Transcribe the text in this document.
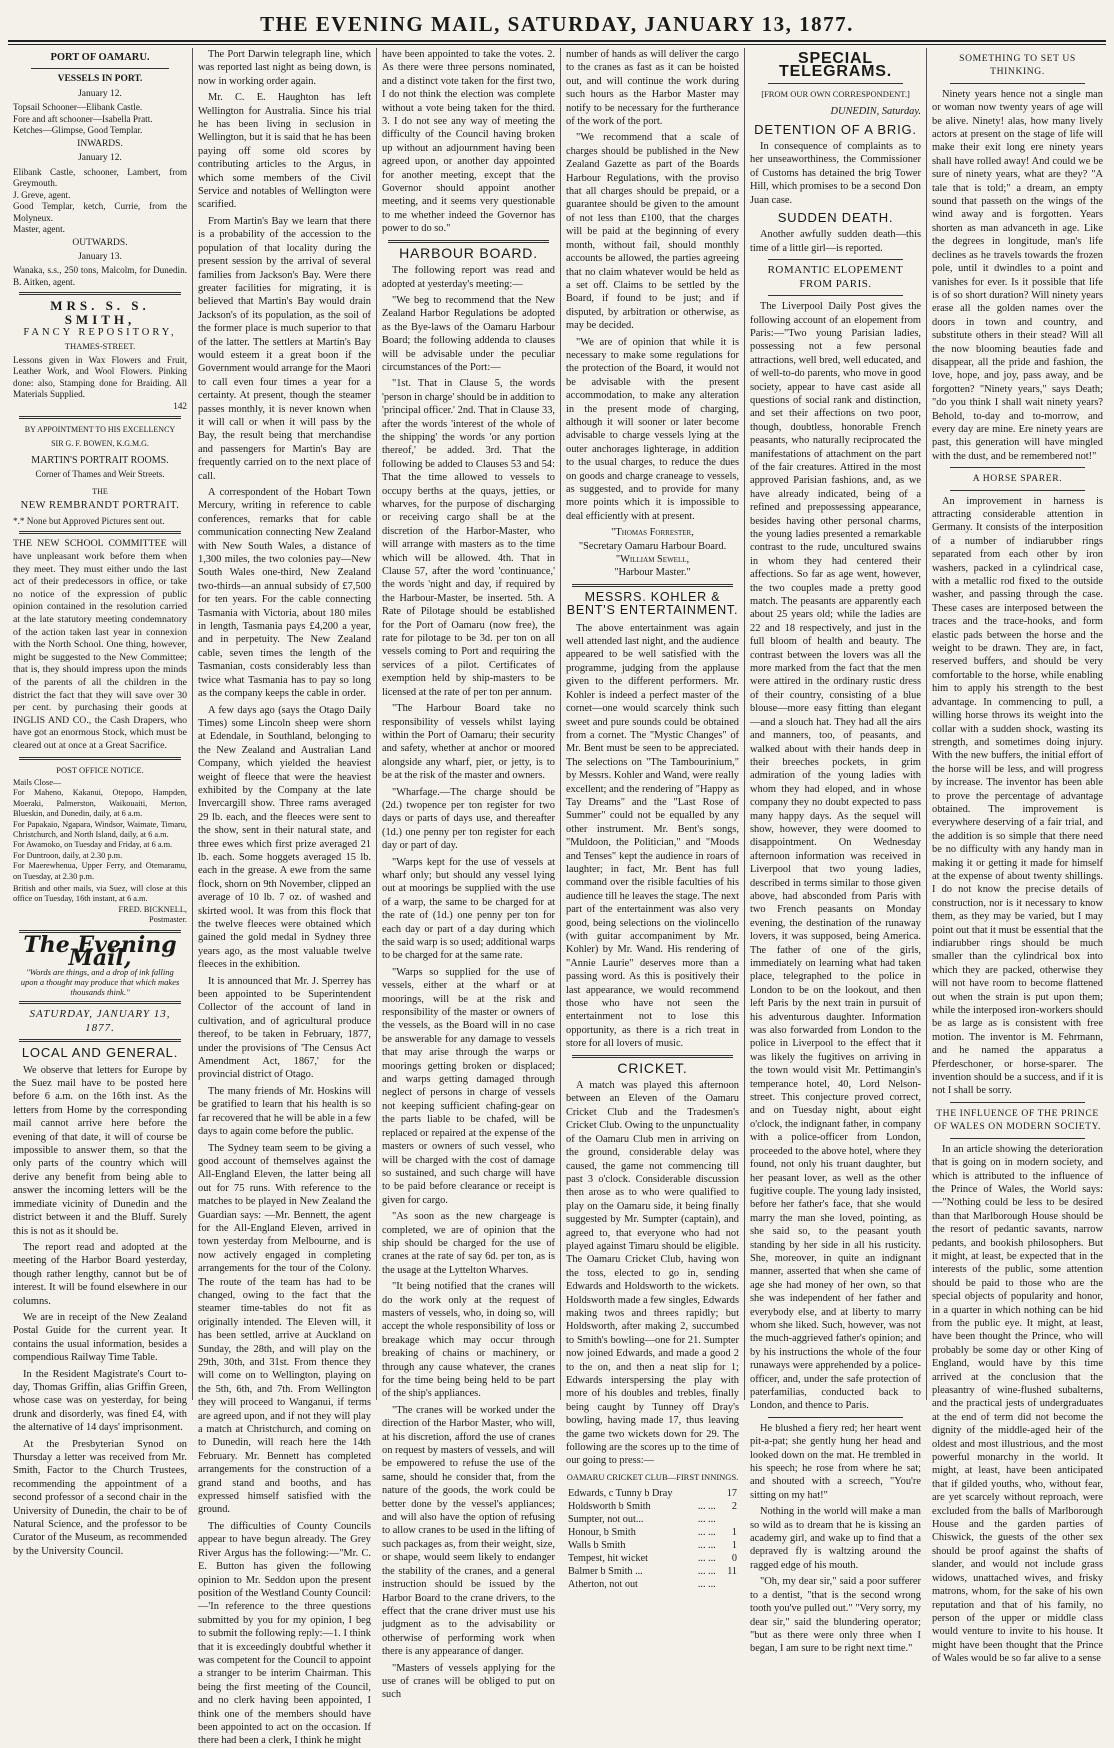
THE EVENING MAIL, SATURDAY, JANUARY 13, 1877.
PORT OF OAMARU.
VESSELS IN PORT.
January 12.
Topsail Schooner—Elibank Castle.
Fore and aft schooner—Isabella Pratt.
Ketches—Glimpse, Good Templar.
INWARDS.
January 12.
Elibank Castle, schooner, Lambert, from Greymouth.
J. Greve, agent.
Good Templar, ketch, Currie, from the Molyneux.
Master, agent.
OUTWARDS.
January 13.
Wanaka, s.s., 250 tons, Malcolm, for Dunedin. B. Aitken, agent.
MRS. S. S. SMITH,
FANCY REPOSITORY,
THAMES-STREET.
Lessons given in Wax Flowers and Fruit, Leather Work, and Wool Flowers. Pinking done: also, Stamping done for Braiding. All Materials Supplied.
142
BY APPOINTMENT TO HIS EXCELLENCY
SIR G. F. BOWEN, K.G.M.G.
MARTIN'S PORTRAIT ROOMS.
Corner of Thames and Weir Streets.
THE
NEW REMBRANDT PORTRAIT.
*.* None but Approved Pictures sent out.
THE NEW SCHOOL COMMITTEE will have unpleasant work before them when they meet. They must either undo the last act of their predecessors in office, or take no notice of the expression of public opinion contained in the resolution carried at the late statutory meeting condemnatory of the action taken last year in connexion with the North School. One thing, however, might be suggested to the New Committee; that is, they should impress upon the minds of the parents of all the children in the district the fact that they will save over 30 per cent. by purchasing their goods at INGLIS AND CO., the Cash Drapers, who have got an enormous Stock, which must be cleared out at once at a Great Sacrifice.
POST OFFICE NOTICE.
Mails Close—
For Maheno, Kakanui, Otepopo, Hampden, Moeraki, Palmerston, Waikouaiti, Merton, Blueskin, and Dunedin, daily, at 6 a.m.
For Papakaio, Ngapara, Windsor, Waimate, Timaru, Christchurch, and North Island, daily, at 6 a.m.
For Awamoko, on Tuesday and Friday, at 6 a.m.
For Duntroon, daily, at 2.30 p.m.
For Maerewhenua, Upper Ferry, and Otemaramu, on Tuesday, at 2.30 p.m.
British and other mails, via Suez, will close at this office on Tuesday, 16th instant, at 6 a.m.
FRED. BICKNELL,
Postmaster.
The Evening Mail,
"Words are things, and a drop of ink falling upon a thought may produce that which makes thousands think."
SATURDAY, JANUARY 13, 1877.
LOCAL AND GENERAL.

We observe that letters for Europe by the Suez mail have to be posted here before 6 a.m. on the 16th inst. As the letters from Home by the corresponding mail cannot arrive here before the evening of that date, it will of course be impossible to answer them, so that the only parts of the country which will derive any benefit from being able to answer the incoming letters will be the immediate vicinity of Dunedin and the district between it and the Bluff. Surely this is not as it should be.

The report read and adopted at the meeting of the Harbor Board yesterday, though rather lengthy, cannot but be of interest. It will be found elsewhere in our columns.

We are in receipt of the New Zealand Postal Guide for the current year. It contains the usual information, besides a compendious Railway Time Table.

In the Resident Magistrate's Court to-day, Thomas Griffin, alias Griffin Green, whose case was on yesterday, for being drunk and disorderly, was fined £4, with the alternative of 14 days' imprisonment.

At the Presbyterian Synod on Thursday a letter was received from Mr. Smith, Factor to the Church Trustees, recommending the appointment of a second professor of a second chair in the University of Dunedin, the chair to be of Natural Science, and the professor to be Curator of the Museum, as recommended by the University Council.

The Port Darwin telegraph line, which was reported last night as being down, is now in working order again.

Mr. C. E. Haughton has left Wellington for Australia. Since his trial he has been living in seclusion in Wellington, but it is said that he has been paying off some old scores by contributing articles to the Argus, in which some members of the Civil Service and notables of Wellington were scarified.

From Martin's Bay we learn that there is a probability of the accession to the population of that locality during the present session by the arrival of several families from Jackson's Bay. Were there greater facilities for migrating, it is believed that Martin's Bay would drain Jackson's of its population, as the soil of the former place is much superior to that of the latter. The settlers at Martin's Bay would esteem it a great boon if the Government would arrange for the Maori to call even four times a year for a certainty. At present, though the steamer passes monthly, it is never known when it will call or when it will pass by the Bay, the result being that merchandise and passengers for Martin's Bay are frequently carried on to the next place of call.

A correspondent of the Hobart Town Mercury, writing in reference to cable conferences, remarks that for cable communication connecting New Zealand with New South Wales, a distance of 1,300 miles, the two colonies pay—New South Wales one-third, New Zealand two-thirds—an annual subsidy of £7,500 for ten years. For the cable connecting Tasmania with Victoria, about 180 miles in length, Tasmania pays £4,200 a year, and in perpetuity. The New Zealand cable, seven times the length of the Tasmanian, costs considerably less than twice what Tasmania has to pay so long as the company keeps the cable in order.

A few days ago (says the Otago Daily Times) some Lincoln sheep were shorn at Edendale, in Southland, belonging to the New Zealand and Australian Land Company, which yielded the heaviest weight of fleece that were the heaviest exhibited by the Company at the late Invercargill show. Three rams averaged 29 lb. each, and the fleeces were sent to the show, sent in their natural state, and three ewes which first prize averaged 21 lb. each. Some hoggets averaged 15 lb. each in the grease. A ewe from the same flock, shorn on 9th November, clipped an average of 10 lb. 7 oz. of washed and skirted wool. It was from this flock that the twelve fleeces were obtained which gained the gold medal in Sydney three years ago, as the most valuable twelve fleeces in the exhibition.

It is announced that Mr. J. Sperrey has been appointed to be Superintendent Collector of the account of land in cultivation, and of agricultural produce thereof, to be taken in February, 1877, under the provisions of 'The Census Act Amendment Act, 1867,' for the provincial district of Otago.

The many friends of Mr. Hoskins will be gratified to learn that his health is so far recovered that he will be able in a few days to again come before the public.

The Sydney team seem to be giving a good account of themselves against the All-England Eleven, the latter being all out for 75 runs. With reference to the matches to be played in New Zealand the Guardian says: —Mr. Bennett, the agent for the All-England Eleven, arrived in town yesterday from Melbourne, and is now actively engaged in completing arrangements for the tour of the Colony. The route of the team has had to be changed, owing to the fact that the steamer time-tables do not fit as originally intended. The Eleven will, it has been settled, arrive at Auckland on Sunday, the 28th, and will play on the 29th, 30th, and 31st. From thence they will come on to Wellington, playing on the 5th, 6th, and 7th. From Wellington they will proceed to Wanganui, if terms are agreed upon, and if not they will play a match at Christchurch, and coming on to Dunedin, will reach here the 14th February. Mr. Bennett has completed arrangements for the construction of a grand stand and booths, and has expressed himself satisfied with the ground.

The difficulties of County Councils appear to have begun already. The Grey River Argus has the following:—"Mr. C. E. Button has given the following opinion to Mr. Seddon upon the present position of the Westland County Council:—'In reference to the three questions submitted by you for my opinion, I beg to submit the following reply:—1. I think that it is exceedingly doubtful whether it was competent for the Council to appoint a stranger to be interim Chairman. This being the first meeting of the Council, and no clerk having been appointed, I think one of the members should have been appointed to act on the occasion. If there had been a clerk, I think he might

have been appointed to take the votes. 2. As there were three persons nominated, and a distinct vote taken for the first two, I do not think the election was complete without a vote being taken for the third. 3. I do not see any way of meeting the difficulty of the Council having broken up without an adjournment having been agreed upon, or another day appointed for another meeting, except that the Governor should appoint another meeting, and it seems very questionable to me whether indeed the Governor has power to do so."

HARBOUR BOARD.

The following report was read and adopted at yesterday's meeting:—

"We beg to recommend that the New Zealand Harbor Regulations be adopted as the Bye-laws of the Oamaru Harbour Board; the following addenda to clauses will be advisable under the peculiar circumstances of the Port:—

"1st. That in Clause 5, the words 'person in charge' should be in addition to 'principal officer.' 2nd. That in Clause 33, after the words 'interest of the whole of the shipping' the words 'or any portion thereof,' be added. 3rd. That the following be added to Clauses 53 and 54: That the time allowed to vessels to occupy berths at the quays, jetties, or wharves, for the purpose of discharging or receiving cargo shall be at the discretion of the Harbor-Master, who will arrange with masters as to the time which will be allowed. 4th. That in Clause 57, after the word 'continuance,' the words 'night and day, if required by the Harbour-Master, be inserted. 5th. A Rate of Pilotage should be established for the Port of Oamaru (now free), the rate for pilotage to be 3d. per ton on all vessels coming to Port and requiring the services of a pilot. Certificates of exemption held by ship-masters to be licensed at the rate of per ton per annum.

"The Harbour Board take no responsibility of vessels whilst laying within the Port of Oamaru; their security and safety, whether at anchor or moored alongside any wharf, pier, or jetty, is to be at the risk of the master and owners.

"Wharfage.—The charge should be (2d.) twopence per ton register for two days or parts of days use, and thereafter (1d.) one penny per ton register for each day or part of day.

"Warps kept for the use of vessels at wharf only; but should any vessel lying out at moorings be supplied with the use of a warp, the same to be charged for at the rate of (1d.) one penny per ton for each day or part of a day during which the said warp is so used; additional warps to be charged for at the same rate.

"Warps so supplied for the use of vessels, either at the wharf or at moorings, will be at the risk and responsibility of the master or owners of the vessels, as the Board will in no case be answerable for any damage to vessels that may arise through the warps or moorings getting broken or displaced; and warps getting damaged through neglect of persons in charge of vessels not keeping sufficient chafing-gear on the parts liable to be chafed, will be replaced or repaired at the expense of the masters or owners of such vessel, who will be charged with the cost of damage so sustained, and such charge will have to be paid before clearance or receipt is given for cargo.

"As soon as the new chargeage is completed, we are of opinion that the ship should be charged for the use of cranes at the rate of say 6d. per ton, as is the usage at the Lyttelton Wharves.

"It being notified that the cranes will do the work only at the request of masters of vessels, who, in doing so, will accept the whole responsibility of loss or breakage which may occur through breaking of chains or machinery, or through any cause whatever, the cranes for the time being being held to be part of the ship's appliances.

"The cranes will be worked under the direction of the Harbor Master, who will, at his discretion, afford the use of cranes on request by masters of vessels, and will be empowered to refuse the use of the same, should he consider that, from the nature of the goods, the work could be better done by the vessel's appliances; and will also have the option of refusing to allow cranes to be used in the lifting of such packages as, from their weight, size, or shape, would seem likely to endanger the stability of the cranes, and a general instruction should be issued by the Harbor Board to the crane drivers, to the effect that the crane driver must use his judgment as to the advisability or otherwise of performing work when there is any appearance of danger.

"Masters of vessels applying for the use of cranes will be obliged to put on such

number of hands as will deliver the cargo to the cranes as fast as it can be hoisted out, and will continue the work during such hours as the Harbor Master may notify to be necessary for the furtherance of the work of the port.

"We recommend that a scale of charges should be published in the New Zealand Gazette as part of the Boards Harbour Regulations, with the proviso that all charges should be prepaid, or a guarantee should be given to the amount of not less than £100, that the charges will be paid at the beginning of every month, without fail, should monthly accounts be allowed, the parties agreeing that no claim whatever would be held as a set off. Claims to be settled by the Board, if found to be just; and if disputed, by arbitration or otherwise, as may be decided.

"We are of opinion that while it is necessary to make some regulations for the protection of the Board, it would not be advisable with the present accommodation, to make any alteration in the present mode of charging, although it will sooner or later become advisable to charge vessels lying at the outer anchorages lighterage, in addition to the usual charges, to reduce the dues on goods and charge craneage to vessels, as suggested, and to provide for many more points which it is impossible to deal efficiently with at present.

"Thomas Forrester,
"Secretary Oamaru Harbour Board.
"William Sewell,
"Harbour Master."
MESSRS. KOHLER & BENT'S ENTERTAINMENT.

The above entertainment was again well attended last night, and the audience appeared to be well satisfied with the programme, judging from the applause given to the different performers. Mr. Kohler is indeed a perfect master of the cornet—one would scarcely think such sweet and pure sounds could be obtained from a cornet. The "Mystic Changes" of Mr. Bent must be seen to be appreciated. The selections on "The Tambourinium," by Messrs. Kohler and Wand, were really excellent; and the rendering of "Happy as Tay Dreams" and the "Last Rose of Summer" could not be equalled by any other instrument. Mr. Bent's songs, "Muldoon, the Politician," and "Moods and Tenses" kept the audience in roars of laughter; in fact, Mr. Bent has full command over the risible faculties of his audience till he leaves the stage. The next part of the entertainment was also very good, being selections on the violincello (with guitar accompaniment by Mr. Kohler) by Mr. Wand. His rendering of "Annie Laurie" deserves more than a passing word. As this is positively their last appearance, we would recommend those who have not seen the entertainment not to lose this opportunity, as there is a rich treat in store for all lovers of music.

CRICKET.

A match was played this afternoon between an Eleven of the Oamaru Cricket Club and the Tradesmen's Cricket Club. Owing to the unpunctuality of the Oamaru Club men in arriving on the ground, considerable delay was caused, the game not commencing till past 3 o'clock. Considerable discussion then arose as to who were qualified to play on the Oamaru side, it being finally suggested by Mr. Sumpter (captain), and agreed to, that everyone who had not played against Timaru should be eligible. The Oamaru Cricket Club, having won the toss, elected to go in, sending Edwards and Holdsworth to the wickets. Holdsworth made a few singles, Edwards making twos and threes rapidly; but Holdsworth, after making 2, succumbed to Smith's bowling—one for 21. Sumpter now joined Edwards, and made a good 2 to the on, and then a neat slip for 1; Edwards interspersing the play with more of his doubles and trebles, finally being caught by Tunney off Dray's bowling, having made 17, thus leaving the game two wickets down for 29. The following are the scores up to the time of our going to press:—

OAMARU CRICKET CLUB—FIRST INNINGS.
Edwards, c Tunny b Dray		17
Holdsworth b Smith	... ...	2
Sumpter, not out...	... ...	
Honour, b Smith	... ...	1
Walls b Smith	... ...	1
Tempest, hit wicket	... ...	0
Balmer b Smith ...	... ...	11
Atherton, not out	... ...	
SPECIAL TELEGRAMS.
[FROM OUR OWN CORRESPONDENT.]
DUNEDIN, Saturday.
DETENTION OF A BRIG.

In consequence of complaints as to her unseaworthiness, the Commissioner of Customs has detained the brig Tower Hill, which promises to be a second Don Juan case.

SUDDEN DEATH.

Another awfully sudden death—this time of a little girl—is reported.

ROMANTIC ELOPEMENT FROM PARIS.

The Liverpool Daily Post gives the following account of an elopement from Paris:—"Two young Parisian ladies, possessing not a few personal attractions, well bred, well educated, and of well-to-do parents, who move in good society, appear to have cast aside all questions of social rank and distinction, and set their affections on two poor, though, doubtless, honorable French peasants, who naturally reciprocated the manifestations of attachment on the part of the fair creatures. Attired in the most approved Parisian fashions, and, as we have already indicated, being of a refined and prepossessing appearance, besides having other personal charms, the young ladies presented a remarkable contrast to the rude, uncultured swains in whom they had centered their affections. So far as age went, however, the two couples made a pretty good match. The peasants are apparently each about 25 years old; while the ladies are 22 and 18 respectively, and just in the full bloom of health and beauty. The contrast between the lovers was all the more marked from the fact that the men were attired in the ordinary rustic dress of their country, consisting of a blue blouse—more easy fitting than elegant—and a slouch hat. They had all the airs and manners, too, of peasants, and walked about with their hands deep in their breeches pockets, in grim admiration of the young ladies with whom they had eloped, and in whose company they no doubt expected to pass many happy days. As the sequel will show, however, they were doomed to disappointment. On Wednesday afternoon information was received in Liverpool that two young ladies, described in terms similar to those given above, had absconded from Paris with two French peasants on Monday evening, the destination of the runaway lovers, it was supposed, being America. The father of one of the girls, immediately on learning what had taken place, telegraphed to the police in London to be on the lookout, and then left Paris by the next train in pursuit of his adventurous daughter. Information was also forwarded from London to the police in Liverpool to the effect that it was likely the fugitives on arriving in the town would visit Mr. Pettimangin's temperance hotel, 40, Lord Nelson-street. This conjecture proved correct, and on Tuesday night, about eight o'clock, the indignant father, in company with a police-officer from London, proceeded to the above hotel, where they found, not only his truant daughter, but her peasant lover, as well as the other fugitive couple. The young lady insisted, before her father's face, that she would marry the man she loved, pointing, as she said so, to the peasant youth standing by her side in all his rusticity. She, moreover, in quite an indignant manner, asserted that when she came of age she had money of her own, so that she was independent of her father and everybody else, and at liberty to marry whom she liked. Such, however, was not the much-aggrieved father's opinion; and by his instructions the whole of the four runaways were apprehended by a police-officer, and, under the safe protection of paterfamilias, conducted back to London, and thence to Paris.

He blushed a fiery red; her heart went pit-a-pat; she gently hung her head and looked down on the mat. He trembled in his speech; he rose from where he sat; and shouted with a screech, "You're sitting on my hat!"

Nothing in the world will make a man so wild as to dream that he is kissing an academy girl, and wake up to find that a depraved fly is waltzing around the ragged edge of his mouth.

"Oh, my dear sir," said a poor sufferer to a dentist, "that is the second wrong tooth you've pulled out." "Very sorry, my dear sir," said the blundering operator; "but as there were only three when I began, I am sure to be right next time."

SOMETHING TO SET US THINKING.

Ninety years hence not a single man or woman now twenty years of age will be alive. Ninety! alas, how many lively actors at present on the stage of life will make their exit long ere ninety years shall have rolled away! And could we be sure of ninety years, what are they? "A tale that is told;" a dream, an empty sound that passeth on the wings of the wind away and is forgotten. Years shorten as man advanceth in age. Like the degrees in longitude, man's life declines as he travels towards the frozen pole, until it dwindles to a point and vanishes for ever. Is it possible that life is of so short duration? Will ninety years erase all the golden names over the doors in town and country, and substitute others in their stead? Will all the now blooming beauties fade and disappear, all the pride and fashion, the love, hope, and joy, pass away, and be forgotten? "Ninety years," says Death; "do you think I shall wait ninety years? Behold, to-day and to-morrow, and every day are mine. Ere ninety years are past, this generation will have mingled with the dust, and be remembered not!"

A HORSE SPARER.

An improvement in harness is attracting considerable attention in Germany. It consists of the interposition of a number of indiarubber rings separated from each other by iron washers, packed in a cylindrical case, with a metallic rod fixed to the outside washer, and passing through the case. These cases are interposed between the traces and the trace-hooks, and form elastic pads between the horse and the weight to be drawn. They are, in fact, reserved buffers, and should be very comfortable to the horse, while enabling him to apply his strength to the best advantage. In commencing to pull, a willing horse throws its weight into the collar with a sudden shock, wasting its strength, and sometimes doing injury. With the new buffers, the initial effort of the horse will be less, and will progress by increase. The inventor has been able to prove the percentage of advantage obtained. The improvement is everywhere deserving of a fair trial, and the addition is so simple that there need be no difficulty with any handy man in making it or getting it made for himself at the expense of about twenty shillings. I do not know the precise details of construction, nor is it necessary to know them, as they may be varied, but I may point out that it must be essential that the indiarubber rings should be much smaller than the cylindrical box into which they are packed, otherwise they will not have room to become flattened out when the strain is put upon them; while the interposed iron-workers should be as large as is consistent with free motion. The inventor is M. Fehrmann, and he named the apparatus a Pferdeschoner, or horse-sparer. The invention should be a success, and if it is not I shall be sorry.

THE INFLUENCE OF THE PRINCE OF WALES ON MODERN SOCIETY.

In an article showing the deterioration that is going on in modern society, and which is attributed to the influence of the Prince of Wales, the World says:—"Nothing could be less to be desired than that Marlborough House should be the resort of pedantic savants, narrow pedants, and bookish philosophers. But it might, at least, be expected that in the interests of the public, some attention should be paid to those who are the special objects of popularity and honor, in a quarter in which nothing can be hid from the public eye. It might, at least, have been thought the Prince, who will probably be some day or other King of England, would have by this time arrived at the conclusion that the pleasantry of wine-flushed subalterns, and the practical jests of undergraduates at the end of term did not become the dignity of the middle-aged heir of the oldest and most illustrious, and the most powerful monarchy in the world. It might, at least, have been anticipated that if gilded youths, who, without fear, are yet scarcely without reproach, were excluded from the balls of Marlborough House and the garden parties of Chiswick, the guests of the other sex should be proof against the shafts of slander, and would not include grass widows, unattached wives, and frisky matrons, whom, for the sake of his own reputation and that of his family, no person of the upper or middle class would venture to invite to his house. It might have been thought that the Prince of Wales would be so far alive to a sense
